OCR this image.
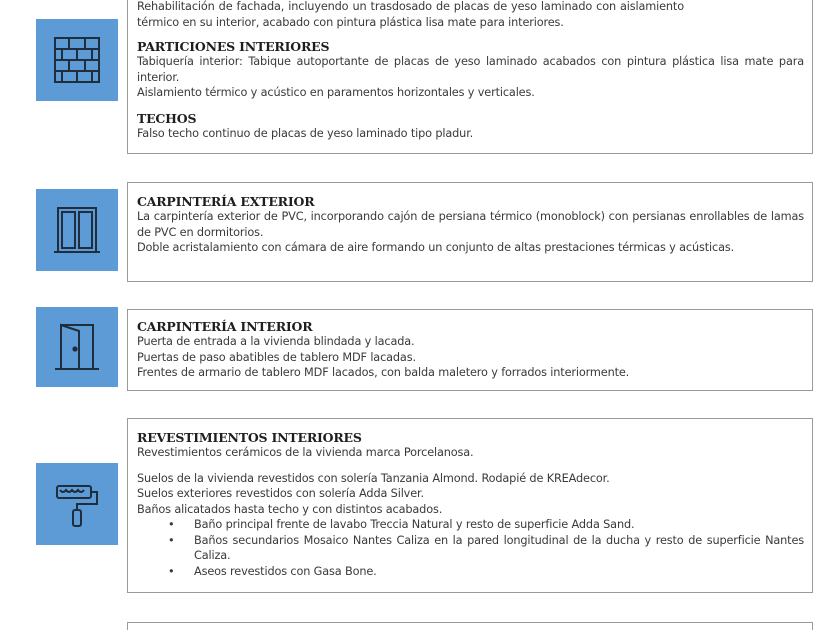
Rehabilitación de fachada, incluyendo un trasdosado de placas de yeso laminado con aislamiento
térmico en su interior, acabado con pintura plástica lisa mate para interiores.
PARTICIONES INTERIORES
Tabiquería interior: Tabique autoportante de placas de yeso laminado acabados con pintura plástica lisa mate para interior.
Aislamiento térmico y acústico en paramentos horizontales y verticales.
TECHOS
Falso techo continuo de placas de yeso laminado tipo pladur.
CARPINTERÍA EXTERIOR
La carpintería exterior de PVC, incorporando cajón de persiana térmico (monoblock) con persianas enrollables de lamas de PVC en dormitorios.
Doble acristalamiento con cámara de aire formando un conjunto de altas prestaciones térmicas y acústicas.
CARPINTERÍA INTERIOR
Puerta de entrada a la vivienda blindada y lacada.
Puertas de paso abatibles de tablero MDF lacadas.
Frentes de armario de tablero MDF lacados, con balda maletero y forrados interiormente.
REVESTIMIENTOS INTERIORES
Revestimientos cerámicos de la vivienda marca Porcelanosa.
Suelos de la vivienda revestidos con solería Tanzania Almond. Rodapié de KREAdecor.
Suelos exteriores revestidos con solería Adda Silver.
Baños alicatados hasta techo y con distintos acabados.
• Baño principal frente de lavabo Treccia Natural y resto de superficie Adda Sand.
• Baños secundarios Mosaico Nantes Caliza en la pared longitudinal de la ducha y resto de superficie Nantes Caliza.
• Aseos revestidos con Gasa Bone.
